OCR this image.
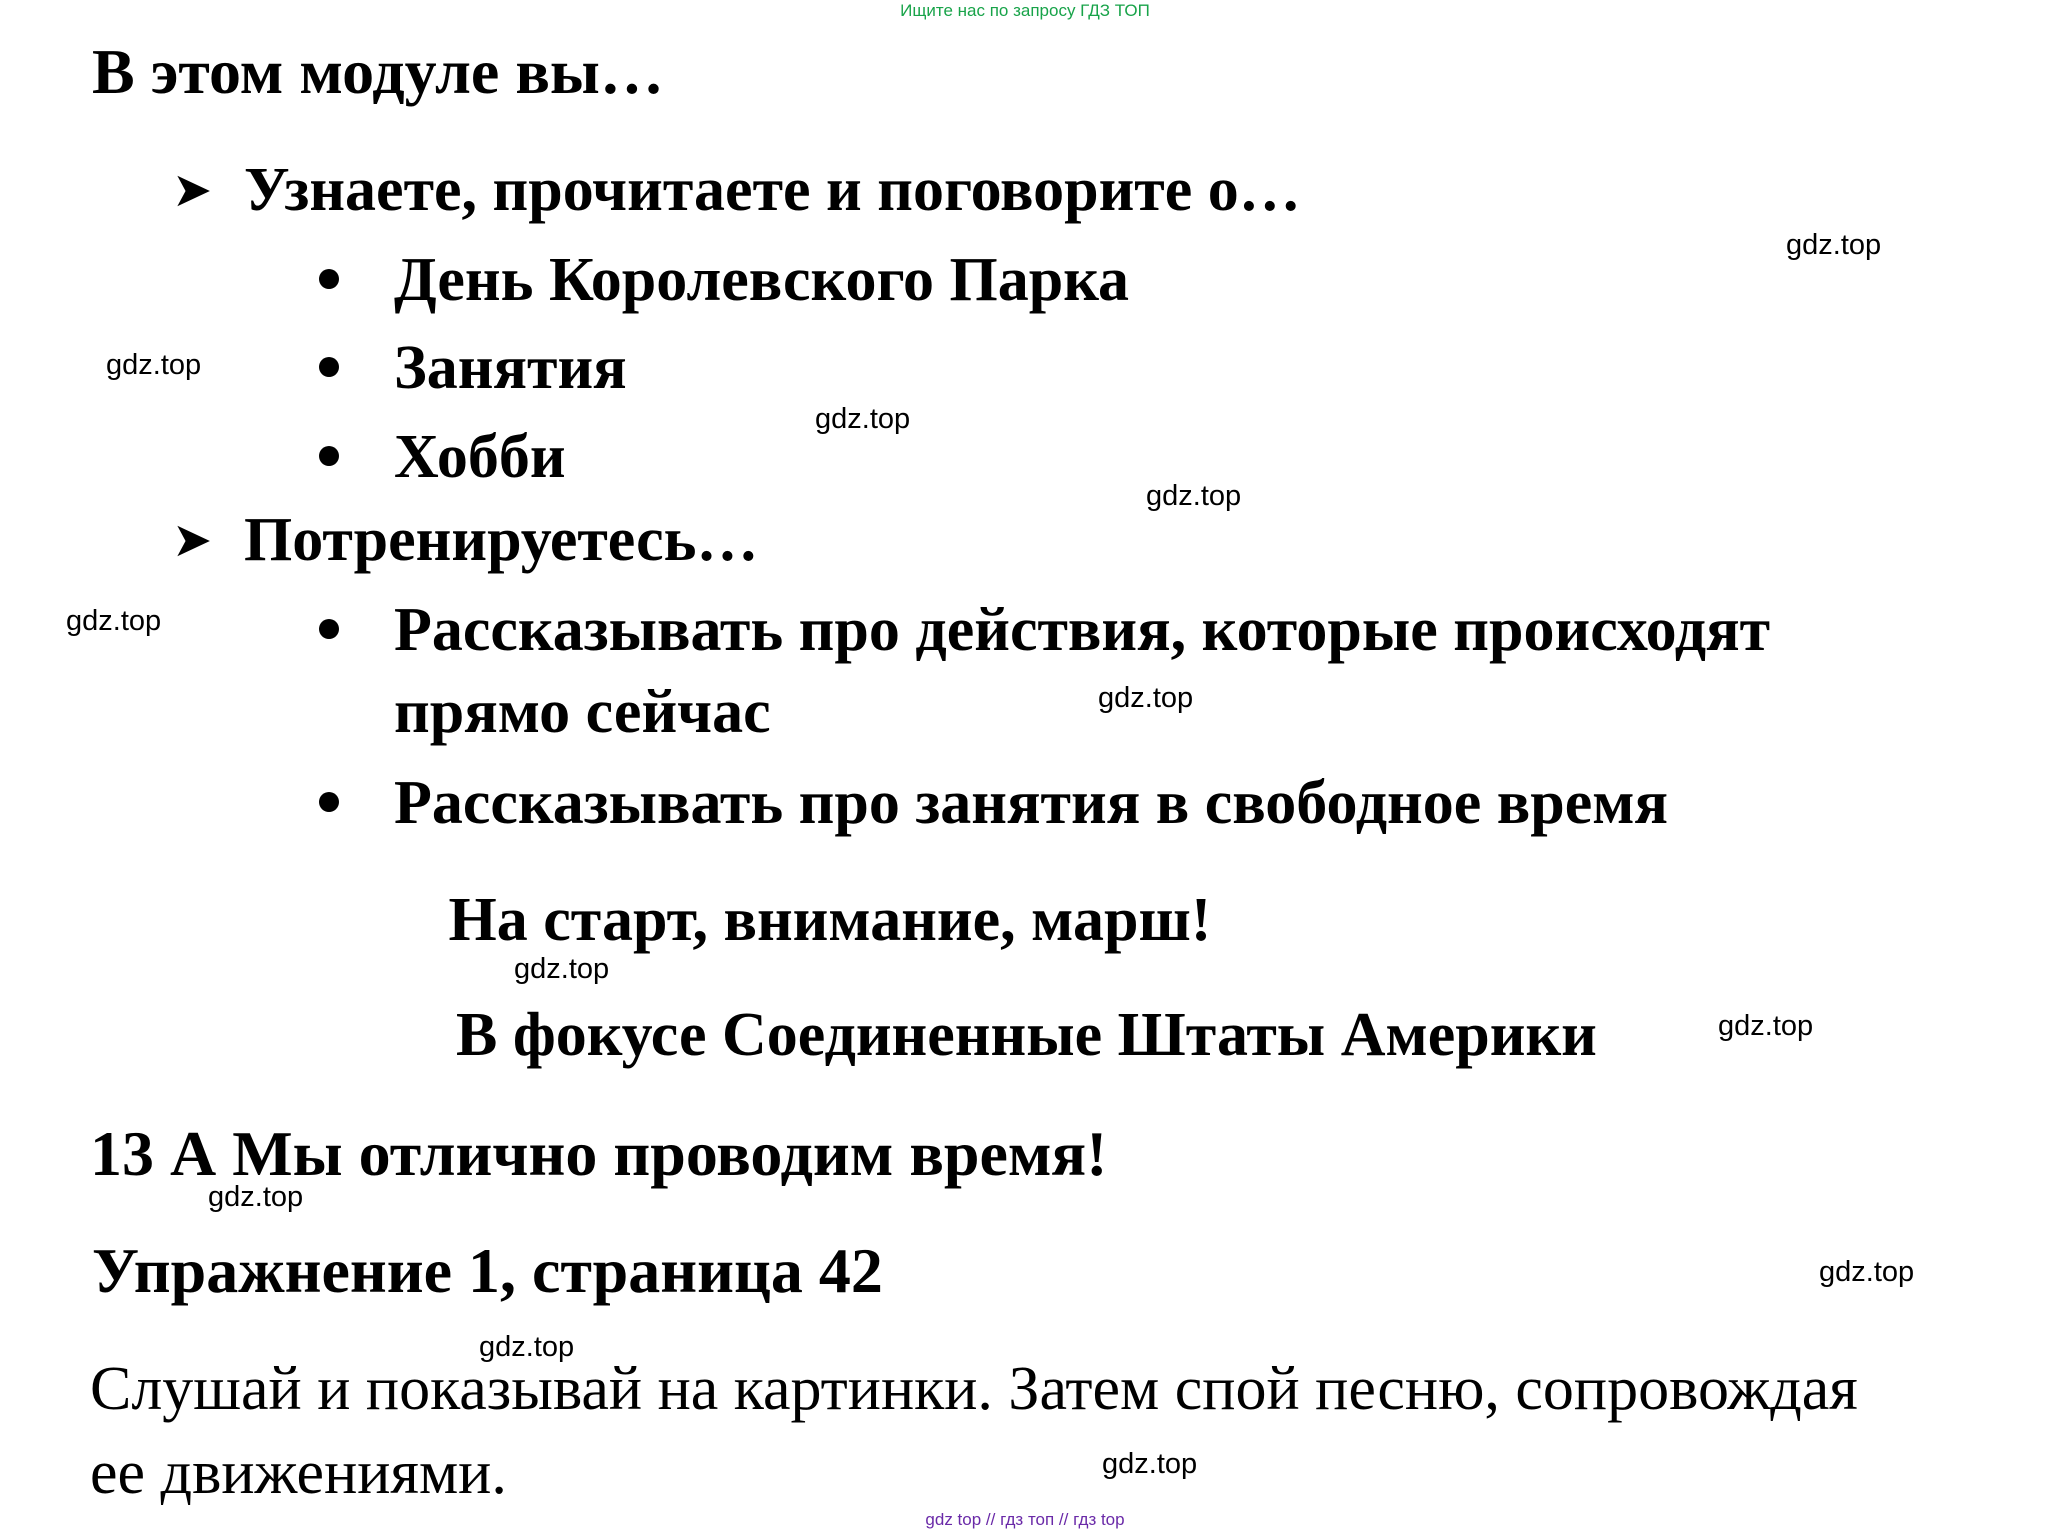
Ищите нас по запросу ГДЗ ТОП
В этом модуле вы…
➤ Узнаете, прочитаете и поговорите о…
День Королевского Парка
Занятия
Хобби
➤ Потренируетесь…
Рассказывать про действия, которые происходят
прямо сейчас
Рассказывать про занятия в свободное время
На старт, внимание, марш!
В фокусе Соединенные Штаты Америки
13 А Мы отлично проводим время!
Упражнение 1, страница 42
Слушай и показывай на картинки. Затем спой песню, сопровождая
ее движениями.
gdz.top
gdz.top
gdz.top
gdz.top
gdz.top
gdz.top
gdz.top
gdz.top
gdz.top
gdz.top
gdz.top
gdz.top
gdz top // гдз топ // гдз top
